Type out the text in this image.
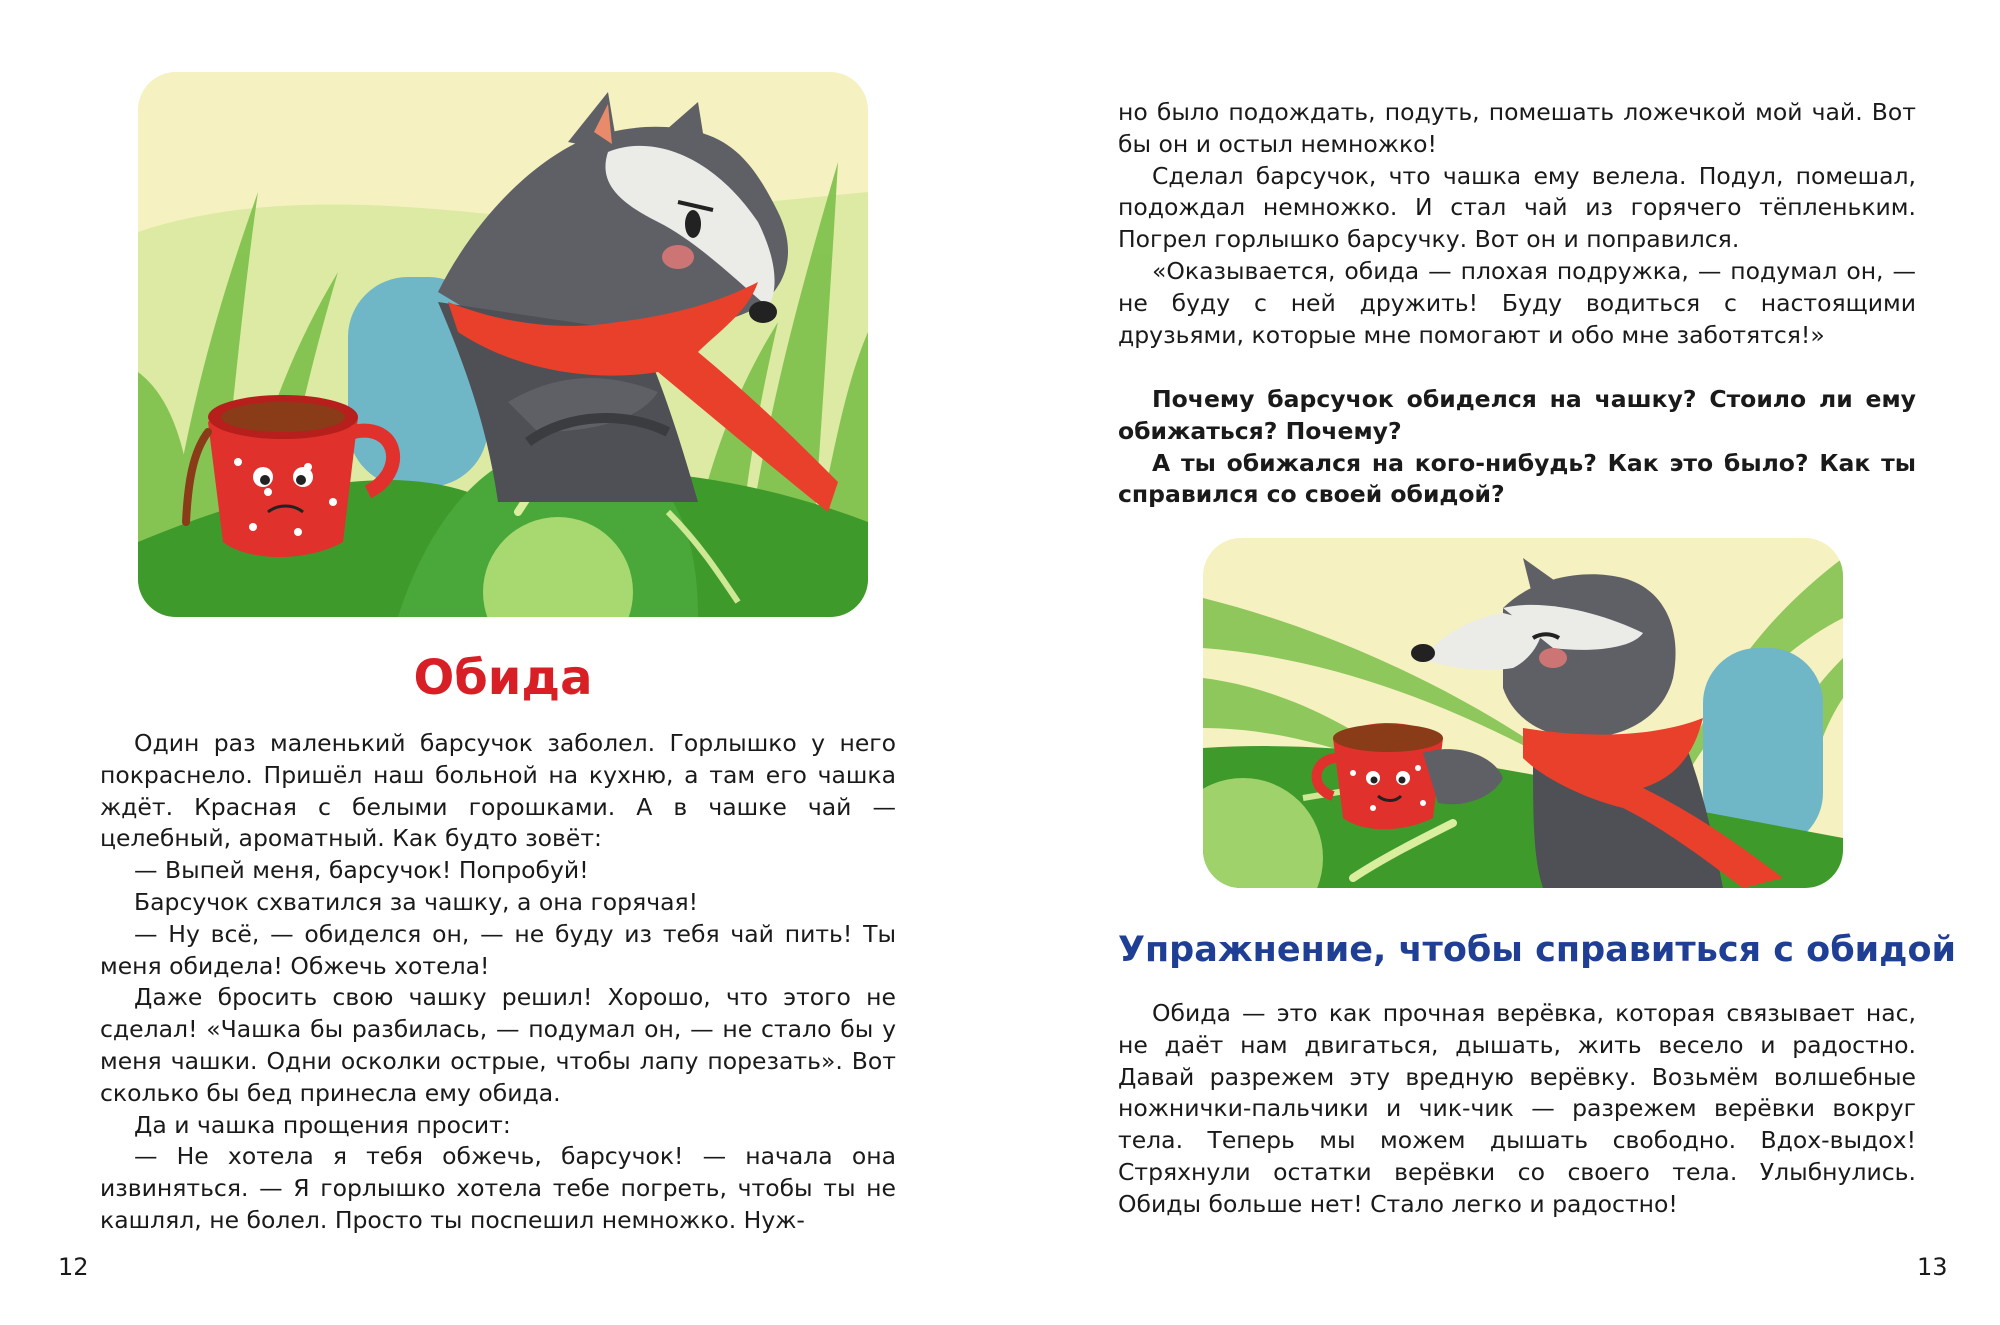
Обида

Один раз маленький барсучок заболел. Горлышко у него покраснело. Пришёл наш больной на кухню, а там его чашка ждёт. Красная с белыми горошками. А в чашке чай — целебный, ароматный. Как будто зовёт:

— Выпей меня, барсучок! Попробуй!

Барсучок схватился за чашку, а она горячая!

— Ну всё, — обиделся он, — не буду из тебя чай пить! Ты меня обидела! Обжечь хотела!

Даже бросить свою чашку решил! Хорошо, что этого не сделал! «Чашка бы разбилась, — подумал он, — не стало бы у меня чашки. Одни осколки острые, чтобы лапу порезать». Вот сколько бы бед принесла ему обида.

Да и чашка прощения просит:

— Не хотела я тебя обжечь, барсучок! — начала она извиняться. — Я горлышко хотела тебе погреть, чтобы ты не кашлял, не болел. Просто ты поспешил немножко. Нуж-

12

но было подождать, подуть, помешать ложечкой мой чай. Вот бы он и остыл немножко!

Сделал барсучок, что чашка ему велела. Подул, помешал, подождал немножко. И стал чай из горячего тёпленьким. Погрел горлышко барсучку. Вот он и поправился.

«Оказывается, обида — плохая подружка, — подумал он, — не буду с ней дружить! Буду водиться с настоящими друзьями, которые мне помогают и обо мне заботятся!»

Почему барсучок обиделся на чашку? Стоило ли ему обижаться? Почему?

А ты обижался на кого-нибудь? Как это было? Как ты справился со своей обидой?

Упражнение, чтобы справиться с обидой

Обида — это как прочная верёвка, которая связывает нас, не даёт нам двигаться, дышать, жить весело и радостно. Давай разрежем эту вредную верёвку. Возьмём волшебные ножнички-пальчики и чик-чик — разрежем верёвки вокруг тела. Теперь мы можем дышать свободно. Вдох-выдох! Стряхнули остатки верёвки со своего тела. Улыбнулись. Обиды больше нет! Стало легко и радостно!

13
